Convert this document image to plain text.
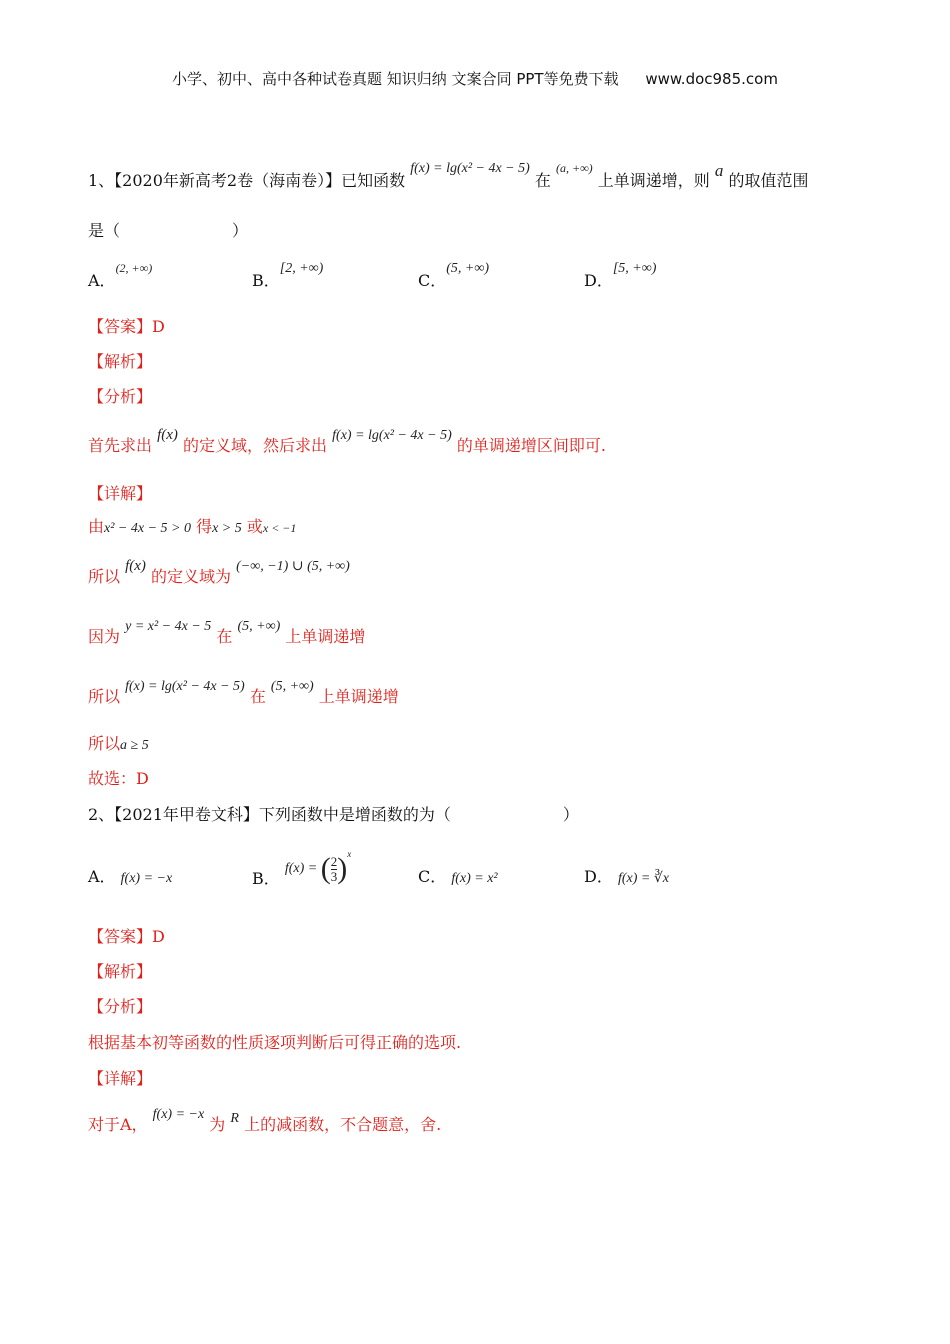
小学、初中、高中各种试卷真题 知识归纳 文案合同 PPT等免费下载 www.doc985.com
1、【2020年新高考2卷（海南卷）】已知函数 f(x) = lg(x² − 4x − 5) 在 $^{(a, +\infty)}$ 上单调递增，则 a 的取值范围
是（　　　　　　　）
A．$^{(2, +\infty)}$
B．[2, +∞)
C．(5, +∞)
D．[5, +∞)
【答案】D
【解析】
【分析】
首先求出 f(x) 的定义域，然后求出 f(x) = lg(x² − 4x − 5) 的单调递增区间即可.
【详解】
由x² − 4x − 5 > 0 得x > 5 或x < −1
所以 f(x) 的定义域为 (−∞, −1) ∪ (5, +∞)
因为 y = x² − 4x − 5 在 (5, +∞) 上单调递增
所以 f(x) = lg(x² − 4x − 5) 在 (5, +∞) 上单调递增
所以a ≥ 5
故选：D
2、【2021年甲卷文科】下列函数中是增函数的为（　　　　　　　）
A． f(x) = −x	B． f(x) = ( $\frac{2}{3} )^x$
C． f(x) = x²	D． f(x) = ∛x
【答案】D
【解析】
【分析】
根据基本初等函数的性质逐项判断后可得正确的选项.
【详解】
对于A， f(x) = −x 为 R 上的减函数，不合题意，舍.
